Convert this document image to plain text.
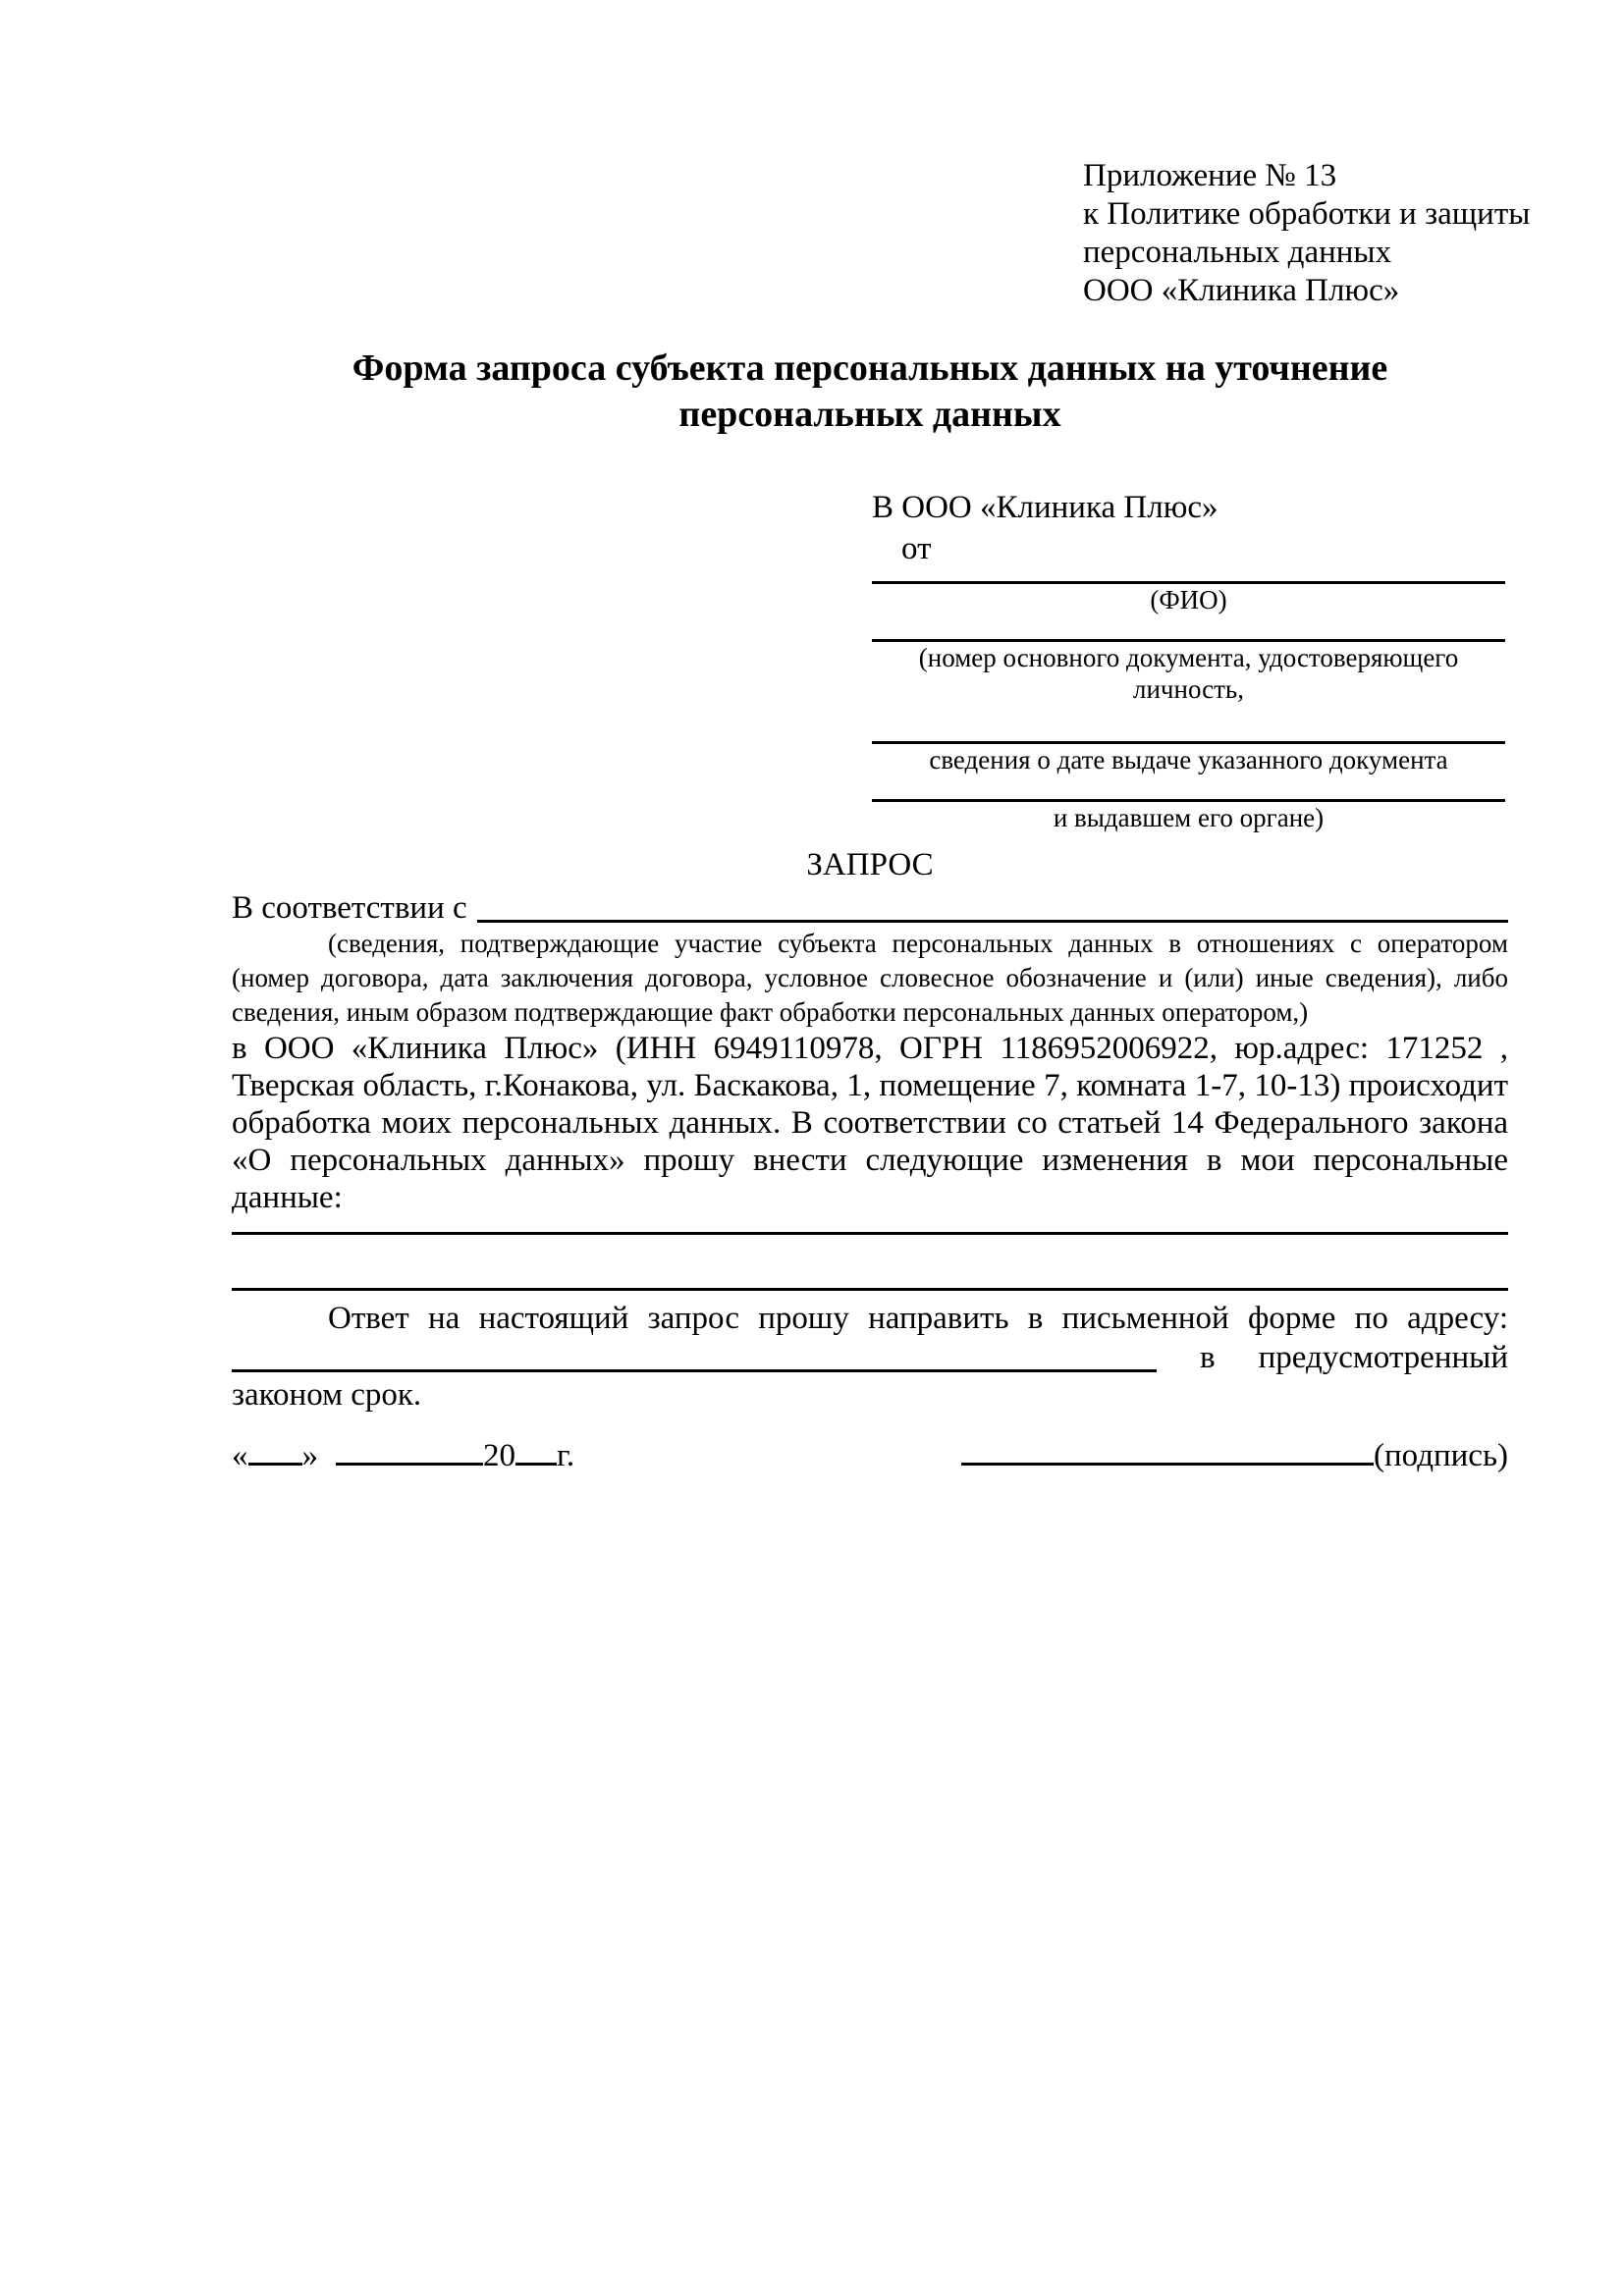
Приложение № 13
к Политике обработки и защиты
персональных данных
ООО «Клиника Плюс»
Форма запроса субъекта персональных данных на уточнение
персональных данных
В ООО «Клиника Плюс»
от
(ФИО)
(номер основного документа, удостоверяющего личность,
сведения о дате выдаче указанного документа
и выдавшем его органе)
ЗАПРОС
В соответствии с
(сведения, подтверждающие участие субъекта персональных данных в отношениях с оператором (номер договора, дата заключения договора, условное словесное обозначение и (или) иные сведения), либо сведения, иным образом подтверждающие факт обработки персональных данных оператором,)
в ООО «Клиника Плюс» (ИНН 6949110978, ОГРН 1186952006922, юр.адрес: 171252 , Тверская область, г.Конакова, ул. Баскакова, 1, помещение 7, комната 1-7, 10-13) происходит обработка моих персональных данных. В соответствии со статьей 14 Федерального закона «О персональных данных» прошу внести следующие изменения в мои персональные данные:
Ответ на настоящий запрос прошу направить в письменной форме по адресу:
в предусмотренный
законом срок.
« »	20 г.	(подпись)
